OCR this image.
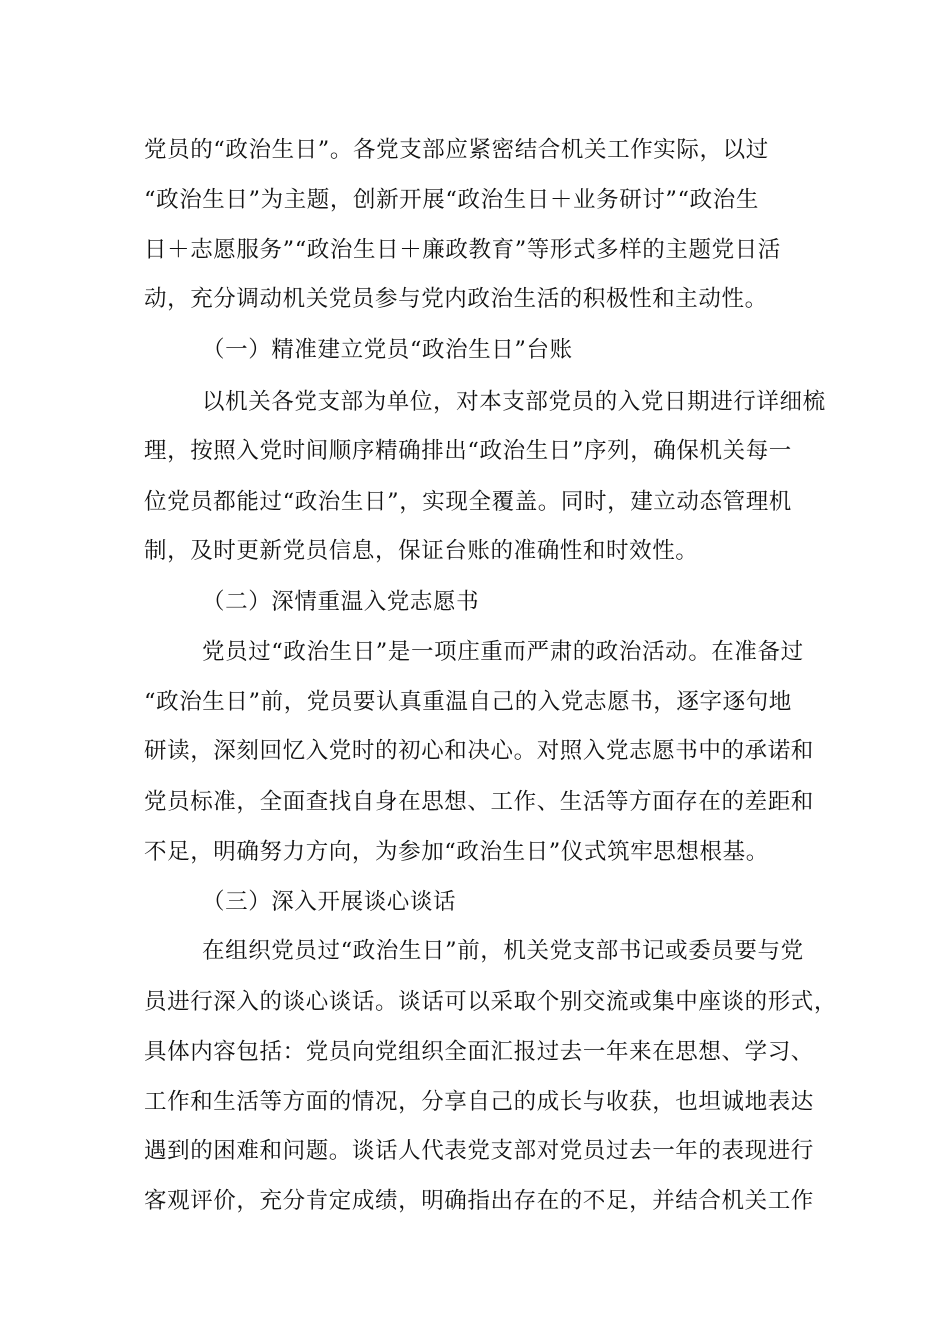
党员的“政治生日”。各党支部应紧密结合机关工作实际，以过
“政治生日”为主题，创新开展“政治生日＋业务研讨”“政治生
日＋志愿服务”“政治生日＋廉政教育”等形式多样的主题党日活
动，充分调动机关党员参与党内政治生活的积极性和主动性。
（一）精准建立党员“政治生日”台账
以机关各党支部为单位，对本支部党员的入党日期进行详细梳
理，按照入党时间顺序精确排出“政治生日”序列，确保机关每一
位党员都能过“政治生日”，实现全覆盖。同时，建立动态管理机
制，及时更新党员信息，保证台账的准确性和时效性。
（二）深情重温入党志愿书
党员过“政治生日”是一项庄重而严肃的政治活动。在准备过
“政治生日”前，党员要认真重温自己的入党志愿书，逐字逐句地
研读，深刻回忆入党时的初心和决心。对照入党志愿书中的承诺和
党员标准，全面查找自身在思想、工作、生活等方面存在的差距和
不足，明确努力方向，为参加“政治生日”仪式筑牢思想根基。
（三）深入开展谈心谈话
在组织党员过“政治生日”前，机关党支部书记或委员要与党
员进行深入的谈心谈话。谈话可以采取个别交流或集中座谈的形式，
具体内容包括：党员向党组织全面汇报过去一年来在思想、学习、
工作和生活等方面的情况，分享自己的成长与收获，也坦诚地表达
遇到的困难和问题。谈话人代表党支部对党员过去一年的表现进行
客观评价，充分肯定成绩，明确指出存在的不足，并结合机关工作
